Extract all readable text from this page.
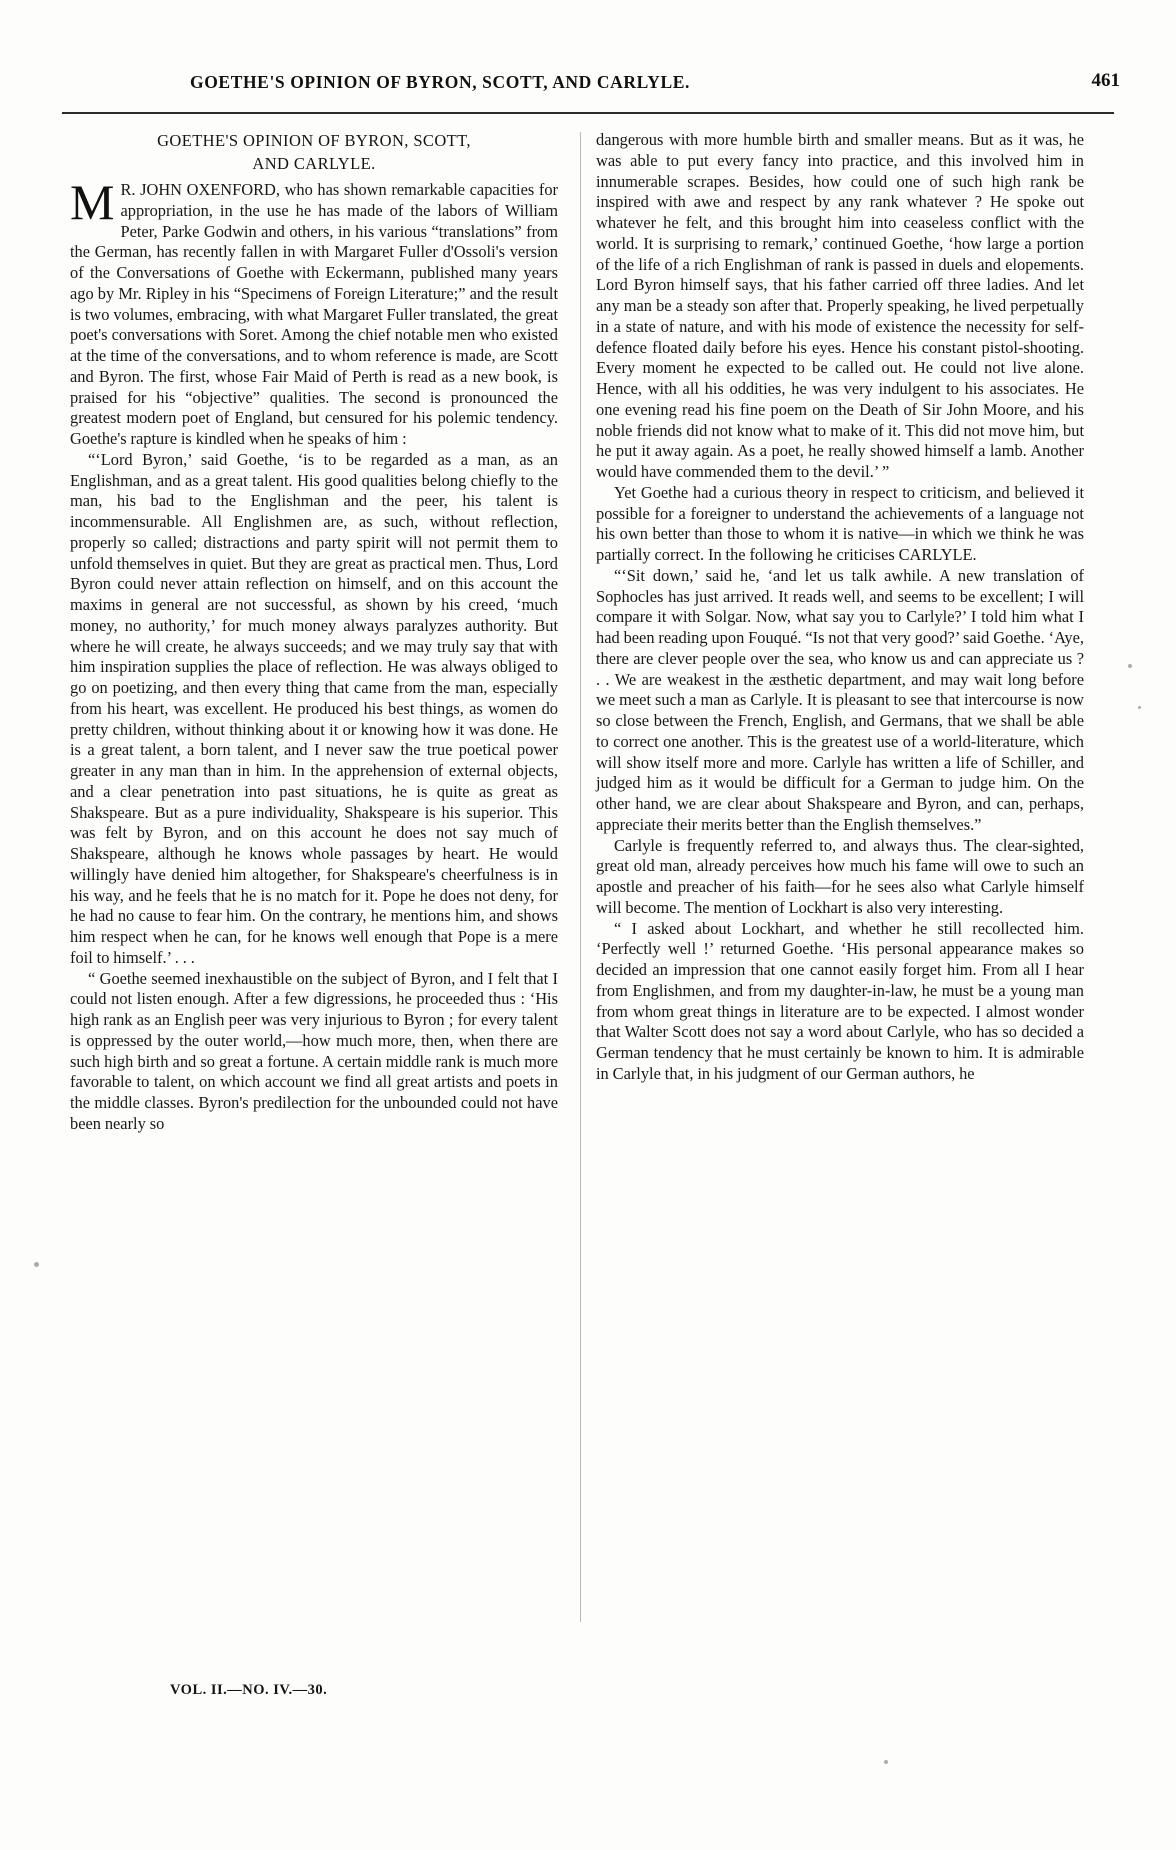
GOETHE'S OPINION OF BYRON, SCOTT, AND CARLYLE.	461
GOETHE'S OPINION OF BYRON, SCOTT,
AND CARLYLE.

M R. JOHN OXENFORD, who has shown remarkable capacities for appropriation, in the use he has made of the labors of William Peter, Parke Godwin and others, in his various “translations” from the German, has recently fallen in with Margaret Fuller d'Ossoli's version of the Conversations of Goethe with Eckermann, published many years ago by Mr. Ripley in his “Specimens of Foreign Literature;” and the result is two volumes, embracing, with what Margaret Fuller translated, the great poet's conversations with Soret. Among the chief notable men who existed at the time of the conversations, and to whom reference is made, are Scott and Byron. The first, whose Fair Maid of Perth is read as a new book, is praised for his “objective” qualities. The second is pronounced the greatest modern poet of England, but censured for his polemic tendency. Goethe's rapture is kindled when he speaks of him :

“‘Lord Byron,’ said Goethe, ‘is to be regarded as a man, as an Englishman, and as a great talent. His good qualities belong chiefly to the man, his bad to the Englishman and the peer, his talent is incommensurable. All Englishmen are, as such, without reflection, properly so called; distractions and party spirit will not permit them to unfold themselves in quiet. But they are great as practical men. Thus, Lord Byron could never attain reflection on himself, and on this account the maxims in general are not successful, as shown by his creed, ‘much money, no authority,’ for much money always paralyzes authority. But where he will create, he always succeeds; and we may truly say that with him inspiration supplies the place of reflection. He was always obliged to go on poetizing, and then every thing that came from the man, especially from his heart, was excellent. He produced his best things, as women do pretty children, without thinking about it or knowing how it was done. He is a great talent, a born talent, and I never saw the true poetical power greater in any man than in him. In the apprehension of external objects, and a clear penetration into past situations, he is quite as great as Shakspeare. But as a pure individuality, Shakspeare is his superior. This was felt by Byron, and on this account he does not say much of Shakspeare, although he knows whole passages by heart. He would willingly have denied him altogether, for Shakspeare's cheerfulness is in his way, and he feels that he is no match for it. Pope he does not deny, for he had no cause to fear him. On the contrary, he mentions him, and shows him respect when he can, for he knows well enough that Pope is a mere foil to himself.’ . . .

“ Goethe seemed inexhaustible on the subject of Byron, and I felt that I could not listen enough. After a few digressions, he proceeded thus : ‘His high rank as an English peer was very injurious to Byron ; for every talent is oppressed by the outer world,—how much more, then, when there are such high birth and so great a fortune. A certain middle rank is much more favorable to talent, on which account we find all great artists and poets in the middle classes. Byron's predilection for the unbounded could not have been nearly so

dangerous with more humble birth and smaller means. But as it was, he was able to put every fancy into practice, and this involved him in innumerable scrapes. Besides, how could one of such high rank be inspired with awe and respect by any rank whatever ? He spoke out whatever he felt, and this brought him into ceaseless conflict with the world. It is surprising to remark,’ continued Goethe, ‘how large a portion of the life of a rich Englishman of rank is passed in duels and elopements. Lord Byron himself says, that his father carried off three ladies. And let any man be a steady son after that. Properly speaking, he lived perpetually in a state of nature, and with his mode of existence the necessity for self-defence floated daily before his eyes. Hence his constant pistol-shooting. Every moment he expected to be called out. He could not live alone. Hence, with all his oddities, he was very indulgent to his associates. He one evening read his fine poem on the Death of Sir John Moore, and his noble friends did not know what to make of it. This did not move him, but he put it away again. As a poet, he really showed himself a lamb. Another would have commended them to the devil.’ ”

Yet Goethe had a curious theory in respect to criticism, and believed it possible for a foreigner to understand the achievements of a language not his own better than those to whom it is native—in which we think he was partially correct. In the following he criticises CARLYLE.

“‘Sit down,’ said he, ‘and let us talk awhile. A new translation of Sophocles has just arrived. It reads well, and seems to be excellent; I will compare it with Solgar. Now, what say you to Carlyle?’ I told him what I had been reading upon Fouqué. “Is not that very good?’ said Goethe. ‘Aye, there are clever people over the sea, who know us and can appreciate us ? . . We are weakest in the æsthetic department, and may wait long before we meet such a man as Carlyle. It is pleasant to see that intercourse is now so close between the French, English, and Germans, that we shall be able to correct one another. This is the greatest use of a world-literature, which will show itself more and more. Carlyle has written a life of Schiller, and judged him as it would be difficult for a German to judge him. On the other hand, we are clear about Shakspeare and Byron, and can, perhaps, appreciate their merits better than the English themselves.”

Carlyle is frequently referred to, and always thus. The clear-sighted, great old man, already perceives how much his fame will owe to such an apostle and preacher of his faith—for he sees also what Carlyle himself will become. The mention of Lockhart is also very interesting.

“ I asked about Lockhart, and whether he still recollected him. ‘Perfectly well !’ returned Goethe. ‘His personal appearance makes so decided an impression that one cannot easily forget him. From all I hear from Englishmen, and from my daughter-in-law, he must be a young man from whom great things in literature are to be expected. I almost wonder that Walter Scott does not say a word about Carlyle, who has so decided a German tendency that he must certainly be known to him. It is admirable in Carlyle that, in his judgment of our German authors, he

VOL. II.—NO. IV.—30.
